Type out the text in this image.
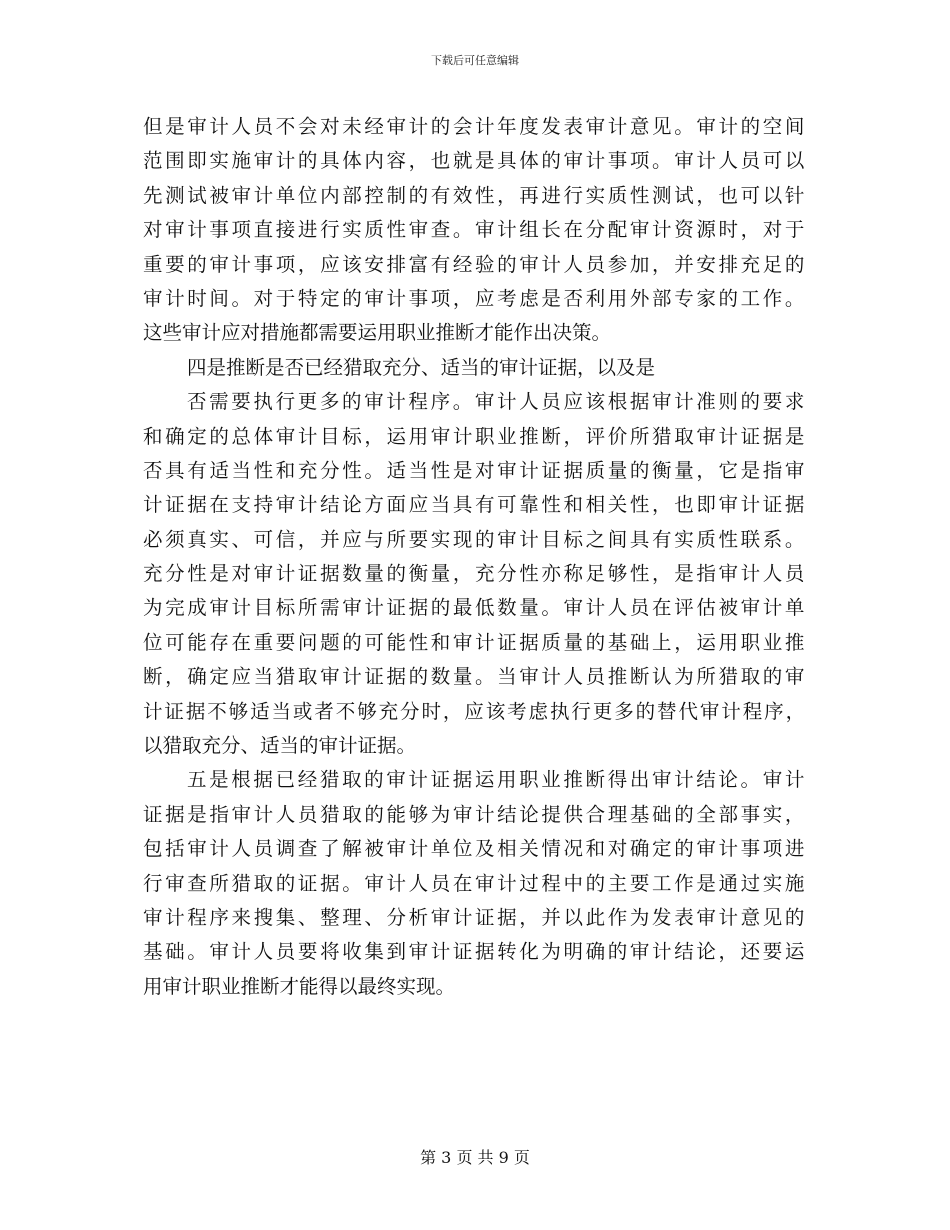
下载后可任意编辑
但是审计人员不会对未经审计的会计年度发表审计意见。审计的空间
范围即实施审计的具体内容，也就是具体的审计事项。审计人员可以
先测试被审计单位内部控制的有效性，再进行实质性测试，也可以针
对审计事项直接进行实质性审查。审计组长在分配审计资源时，对于
重要的审计事项，应该安排富有经验的审计人员参加，并安排充足的
审计时间。对于特定的审计事项，应考虑是否利用外部专家的工作。
这些审计应对措施都需要运用职业推断才能作出决策。
四是推断是否已经猎取充分、适当的审计证据，以及是
否需要执行更多的审计程序。审计人员应该根据审计准则的要求
和确定的总体审计目标，运用审计职业推断，评价所猎取审计证据是
否具有适当性和充分性。适当性是对审计证据质量的衡量，它是指审
计证据在支持审计结论方面应当具有可靠性和相关性，也即审计证据
必须真实、可信，并应与所要实现的审计目标之间具有实质性联系。
充分性是对审计证据数量的衡量，充分性亦称足够性，是指审计人员
为完成审计目标所需审计证据的最低数量。审计人员在评估被审计单
位可能存在重要问题的可能性和审计证据质量的基础上，运用职业推
断，确定应当猎取审计证据的数量。当审计人员推断认为所猎取的审
计证据不够适当或者不够充分时，应该考虑执行更多的替代审计程序，
以猎取充分、适当的审计证据。
五是根据已经猎取的审计证据运用职业推断得出审计结论。审计
证据是指审计人员猎取的能够为审计结论提供合理基础的全部事实，
包括审计人员调查了解被审计单位及相关情况和对确定的审计事项进
行审查所猎取的证据。审计人员在审计过程中的主要工作是通过实施
审计程序来搜集、整理、分析审计证据，并以此作为发表审计意见的
基础。审计人员要将收集到审计证据转化为明确的审计结论，还要运
用审计职业推断才能得以最终实现。
第 3 页 共 9 页
